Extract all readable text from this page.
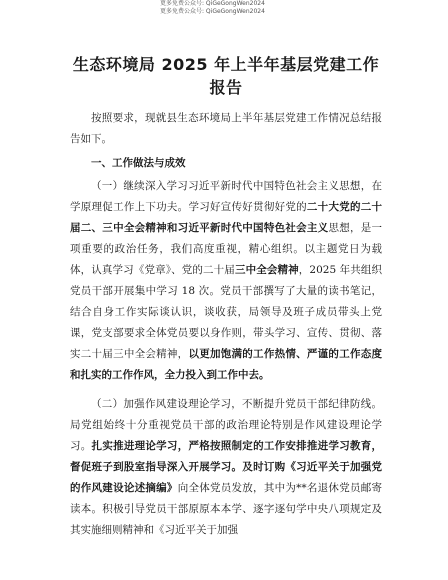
更多免费公众号: QiGeGongWen2024
更多免费公众号: QiGeGongWen2024
生态环境局 2025 年上半年基层党建工作报告

按照要求，现就县生态环境局上半年基层党建工作情况总结报告如下。

一、工作做法与成效

（一）继续深入学习习近平新时代中国特色社会主义思想，在学原理促工作上下功夫。学习好宣传好贯彻好党的二十大党的二十届二、三中全会精神和习近平新时代中国特色社会主义思想，是一项重要的政治任务，我们高度重视，精心组织。以主题党日为载体，认真学习《党章》、党的二十届三中全会精神，2025 年共组织党员干部开展集中学习 18 次。党员干部撰写了大量的读书笔记，结合自身工作实际谈认识，谈收获，局领导及班子成员带头上党课，党支部要求全体党员要以身作则，带头学习、宣传、贯彻、落实二十届三中全会精神，以更加饱满的工作热情、严谨的工作态度和扎实的工作作风，全力投入到工作中去。

（二）加强作风建设理论学习，不断提升党员干部纪律防线。局党组始终十分重视党员干部的政治理论特别是作风建设理论学习。扎实推进理论学习，严格按照制定的工作安排推进学习教育，督促班子到股室指导深入开展学习。及时订购《习近平关于加强党的作风建设论述摘编》向全体党员发放，其中为**名退休党员邮寄读本。积极引导党员干部原原本本学、逐字逐句学中央八项规定及其实施细则精神和《习近平关于加强
